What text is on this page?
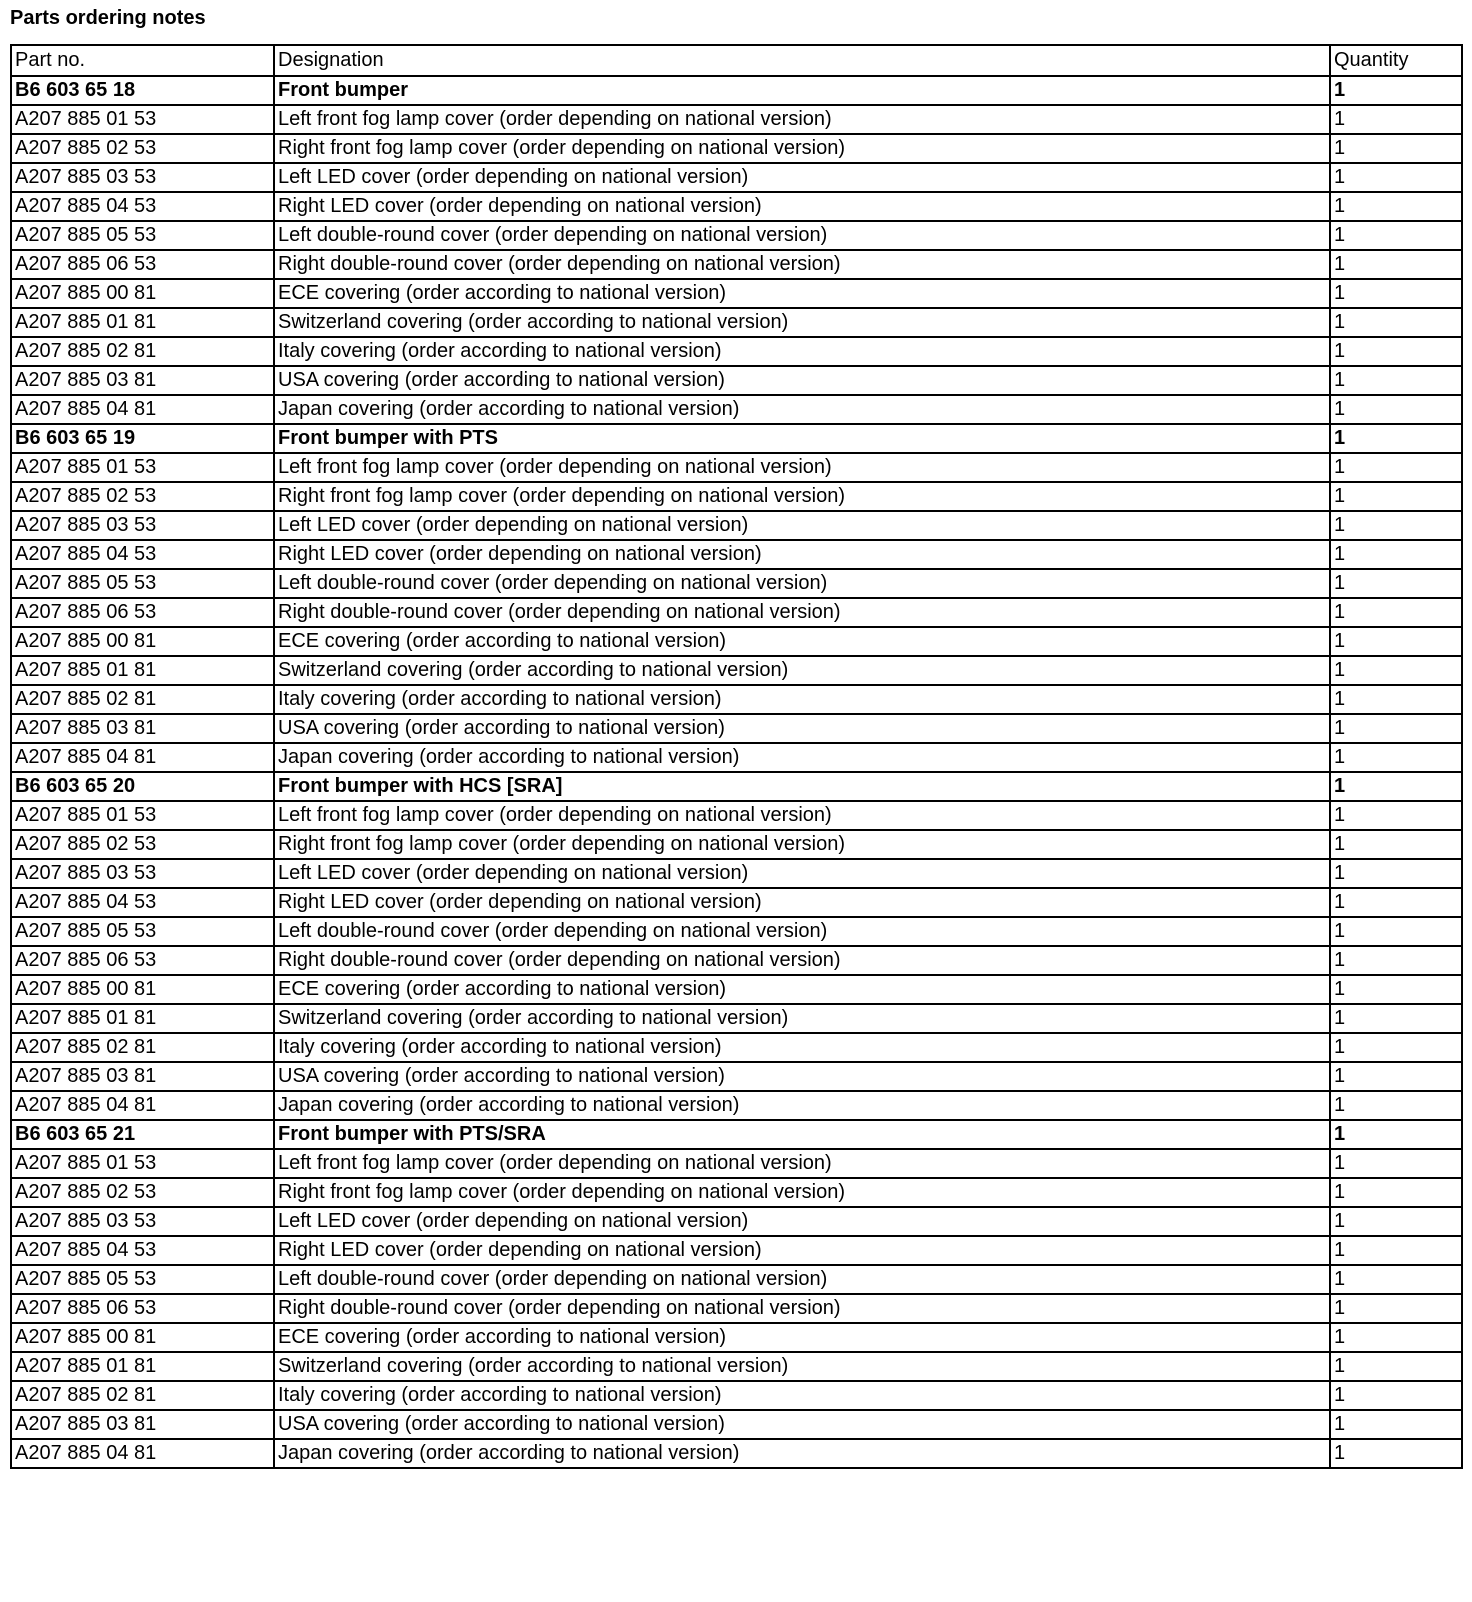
Parts ordering notes
Part no.	Designation	Quantity
B6 603 65 18	Front bumper	1
A207 885 01 53	Left front fog lamp cover (order depending on national version)	1
A207 885 02 53	Right front fog lamp cover (order depending on national version)	1
A207 885 03 53	Left LED cover (order depending on national version)	1
A207 885 04 53	Right LED cover (order depending on national version)	1
A207 885 05 53	Left double-round cover (order depending on national version)	1
A207 885 06 53	Right double-round cover (order depending on national version)	1
A207 885 00 81	ECE covering (order according to national version)	1
A207 885 01 81	Switzerland covering (order according to national version)	1
A207 885 02 81	Italy covering (order according to national version)	1
A207 885 03 81	USA covering (order according to national version)	1
A207 885 04 81	Japan covering (order according to national version)	1
B6 603 65 19	Front bumper with PTS	1
A207 885 01 53	Left front fog lamp cover (order depending on national version)	1
A207 885 02 53	Right front fog lamp cover (order depending on national version)	1
A207 885 03 53	Left LED cover (order depending on national version)	1
A207 885 04 53	Right LED cover (order depending on national version)	1
A207 885 05 53	Left double-round cover (order depending on national version)	1
A207 885 06 53	Right double-round cover (order depending on national version)	1
A207 885 00 81	ECE covering (order according to national version)	1
A207 885 01 81	Switzerland covering (order according to national version)	1
A207 885 02 81	Italy covering (order according to national version)	1
A207 885 03 81	USA covering (order according to national version)	1
A207 885 04 81	Japan covering (order according to national version)	1
B6 603 65 20	Front bumper with HCS [SRA]	1
A207 885 01 53	Left front fog lamp cover (order depending on national version)	1
A207 885 02 53	Right front fog lamp cover (order depending on national version)	1
A207 885 03 53	Left LED cover (order depending on national version)	1
A207 885 04 53	Right LED cover (order depending on national version)	1
A207 885 05 53	Left double-round cover (order depending on national version)	1
A207 885 06 53	Right double-round cover (order depending on national version)	1
A207 885 00 81	ECE covering (order according to national version)	1
A207 885 01 81	Switzerland covering (order according to national version)	1
A207 885 02 81	Italy covering (order according to national version)	1
A207 885 03 81	USA covering (order according to national version)	1
A207 885 04 81	Japan covering (order according to national version)	1
B6 603 65 21	Front bumper with PTS/SRA	1
A207 885 01 53	Left front fog lamp cover (order depending on national version)	1
A207 885 02 53	Right front fog lamp cover (order depending on national version)	1
A207 885 03 53	Left LED cover (order depending on national version)	1
A207 885 04 53	Right LED cover (order depending on national version)	1
A207 885 05 53	Left double-round cover (order depending on national version)	1
A207 885 06 53	Right double-round cover (order depending on national version)	1
A207 885 00 81	ECE covering (order according to national version)	1
A207 885 01 81	Switzerland covering (order according to national version)	1
A207 885 02 81	Italy covering (order according to national version)	1
A207 885 03 81	USA covering (order according to national version)	1
A207 885 04 81	Japan covering (order according to national version)	1
